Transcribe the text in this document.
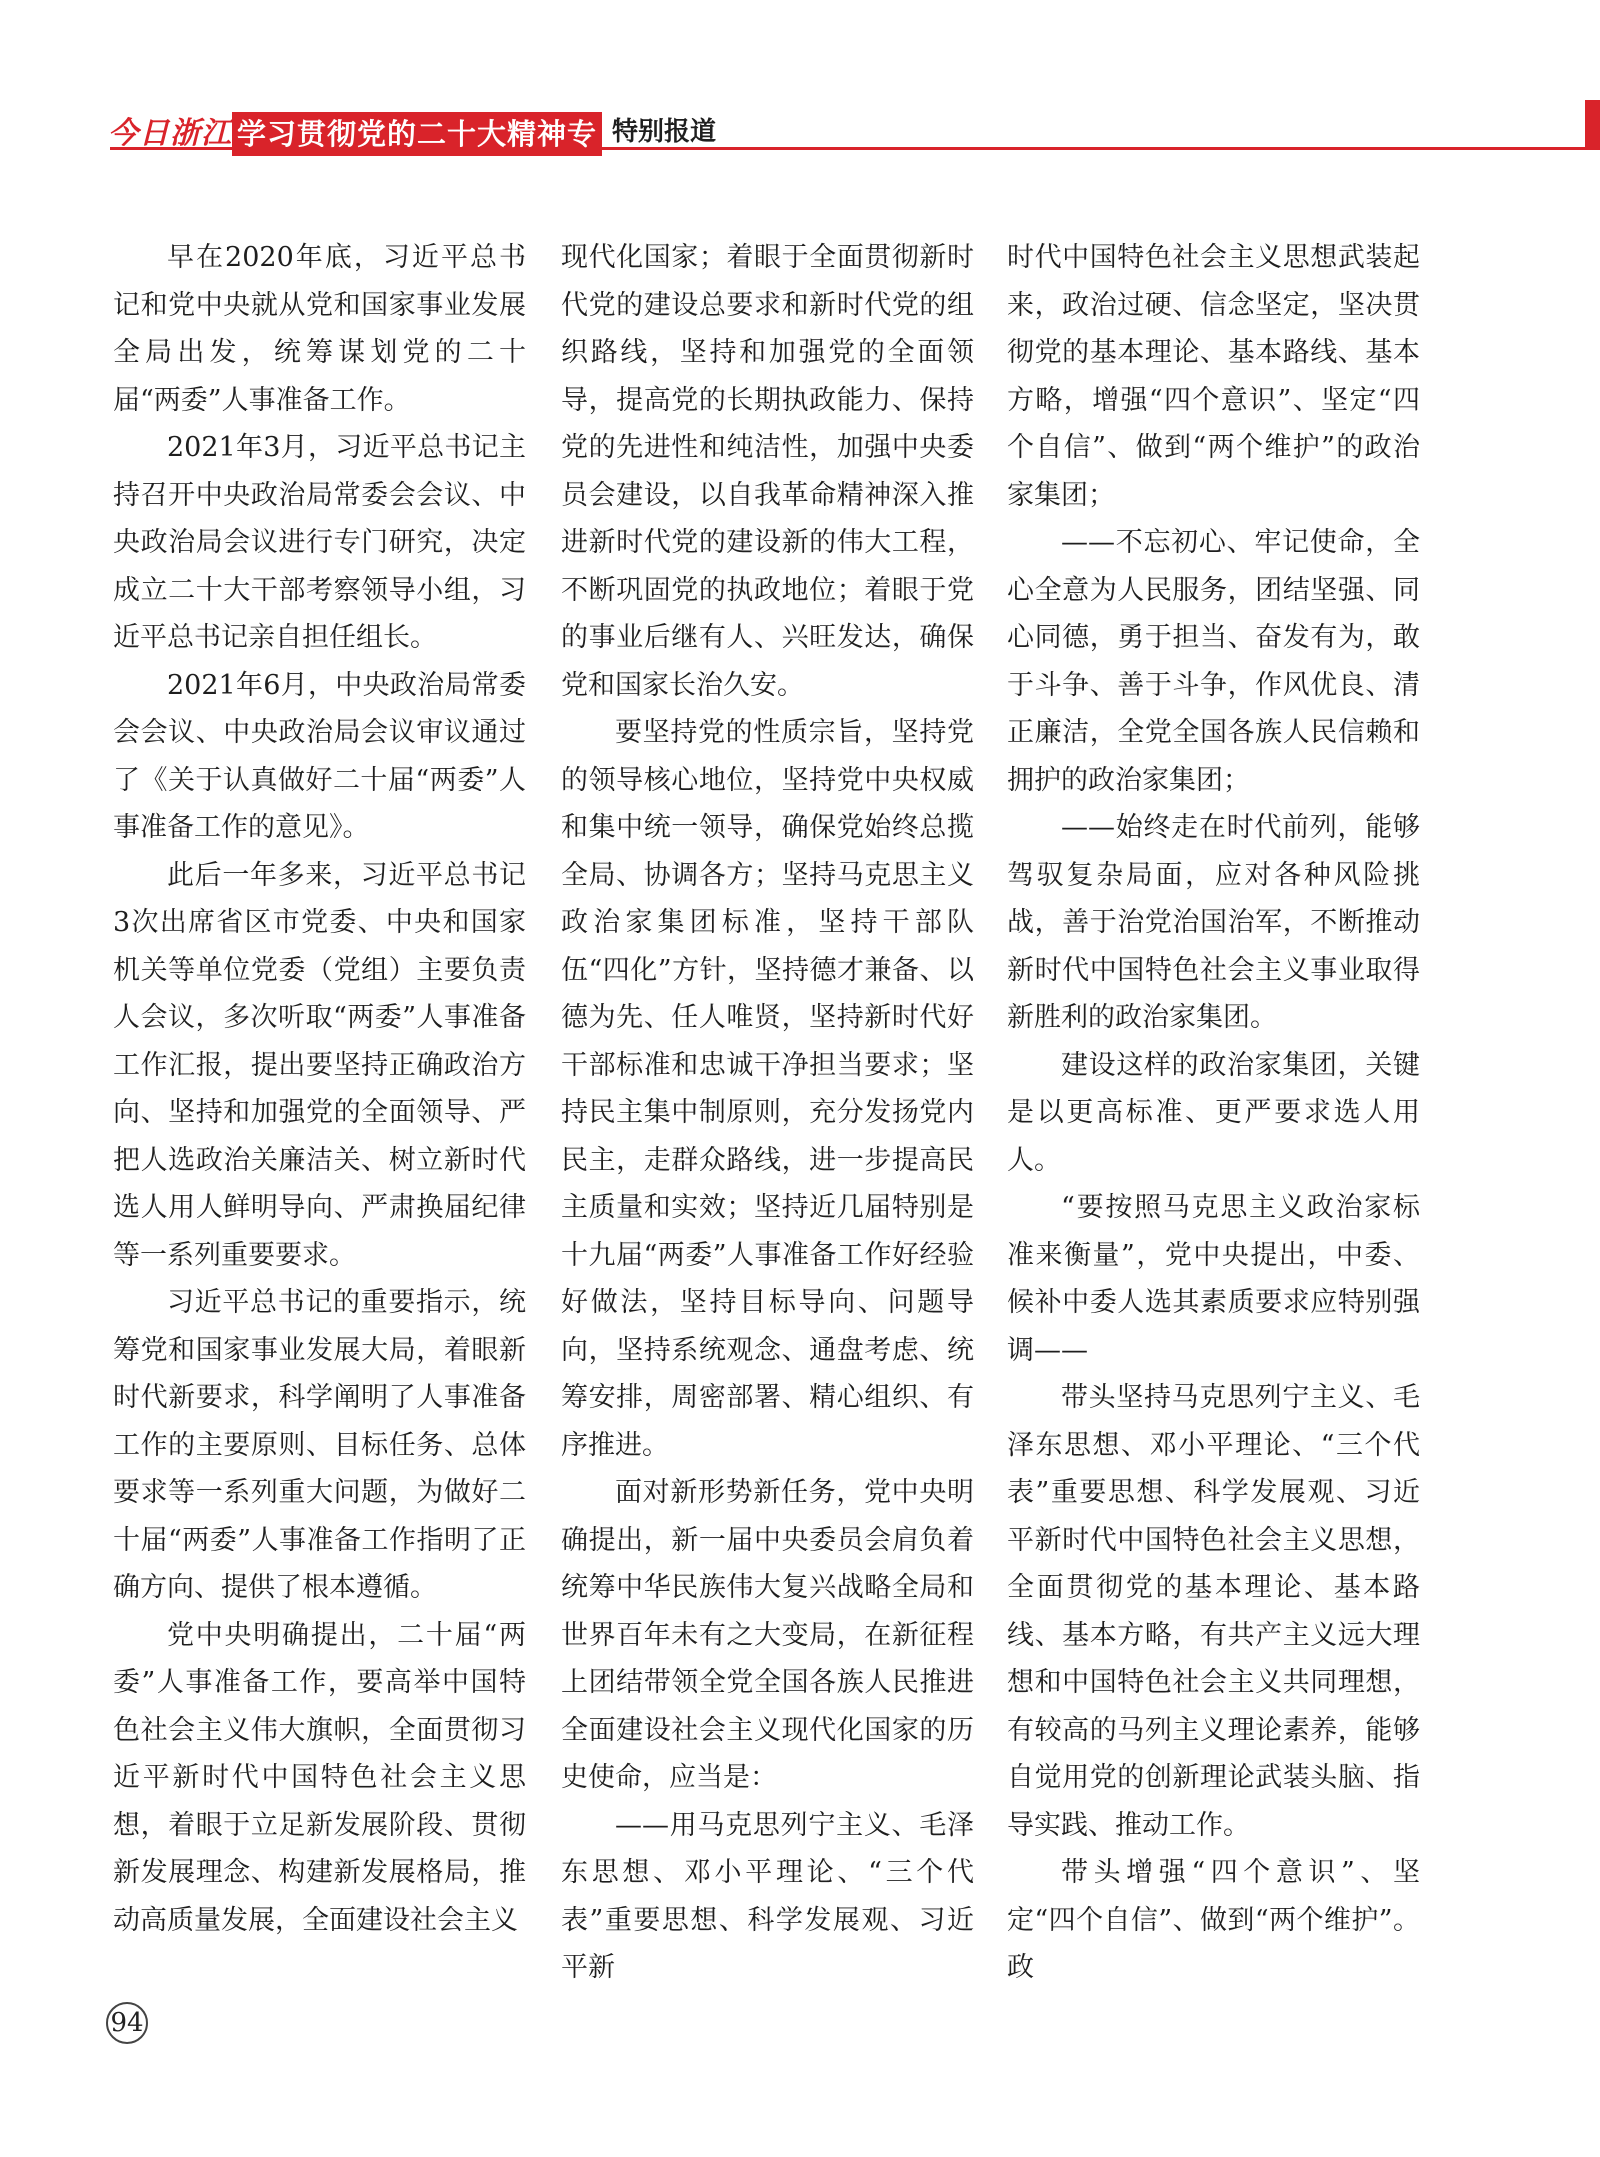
今日浙江 学习贯彻党的二十大精神专辑
特别报道

早在2020年底，习近平总书记和党中央就从党和国家事业发展全局出发，统筹谋划党的二十届“两委”人事准备工作。

2021年3月，习近平总书记主持召开中央政治局常委会会议、中央政治局会议进行专门研究，决定成立二十大干部考察领导小组，习近平总书记亲自担任组长。

2021年6月，中央政治局常委会会议、中央政治局会议审议通过了《关于认真做好二十届“两委”人事准备工作的意见》。

此后一年多来，习近平总书记3次出席省区市党委、中央和国家机关等单位党委（党组）主要负责人会议，多次听取“两委”人事准备工作汇报，提出要坚持正确政治方向、坚持和加强党的全面领导、严把人选政治关廉洁关、树立新时代选人用人鲜明导向、严肃换届纪律等一系列重要要求。

习近平总书记的重要指示，统筹党和国家事业发展大局，着眼新时代新要求，科学阐明了人事准备工作的主要原则、目标任务、总体要求等一系列重大问题，为做好二十届“两委”人事准备工作指明了正确方向、提供了根本遵循。

党中央明确提出，二十届“两委”人事准备工作，要高举中国特色社会主义伟大旗帜，全面贯彻习近平新时代中国特色社会主义思想，着眼于立足新发展阶段、贯彻新发展理念、构建新发展格局，推动高质量发展，全面建设社会主义

现代化国家；着眼于全面贯彻新时代党的建设总要求和新时代党的组织路线，坚持和加强党的全面领导，提高党的长期执政能力、保持党的先进性和纯洁性，加强中央委员会建设，以自我革命精神深入推进新时代党的建设新的伟大工程，不断巩固党的执政地位；着眼于党的事业后继有人、兴旺发达，确保党和国家长治久安。

要坚持党的性质宗旨，坚持党的领导核心地位，坚持党中央权威和集中统一领导，确保党始终总揽全局、协调各方；坚持马克思主义政治家集团标准，坚持干部队伍“四化”方针，坚持德才兼备、以德为先、任人唯贤，坚持新时代好干部标准和忠诚干净担当要求；坚持民主集中制原则，充分发扬党内民主，走群众路线，进一步提高民主质量和实效；坚持近几届特别是十九届“两委”人事准备工作好经验好做法，坚持目标导向、问题导向，坚持系统观念、通盘考虑、统筹安排，周密部署、精心组织、有序推进。

面对新形势新任务，党中央明确提出，新一届中央委员会肩负着统筹中华民族伟大复兴战略全局和世界百年未有之大变局，在新征程上团结带领全党全国各族人民推进全面建设社会主义现代化国家的历史使命，应当是：

——用马克思列宁主义、毛泽东思想、邓小平理论、“三个代表”重要思想、科学发展观、习近平新

时代中国特色社会主义思想武装起来，政治过硬、信念坚定，坚决贯彻党的基本理论、基本路线、基本方略，增强“四个意识”、坚定“四个自信”、做到“两个维护”的政治家集团；

——不忘初心、牢记使命，全心全意为人民服务，团结坚强、同心同德，勇于担当、奋发有为，敢于斗争、善于斗争，作风优良、清正廉洁，全党全国各族人民信赖和拥护的政治家集团；

——始终走在时代前列，能够驾驭复杂局面，应对各种风险挑战，善于治党治国治军，不断推动新时代中国特色社会主义事业取得新胜利的政治家集团。

建设这样的政治家集团，关键是以更高标准、更严要求选人用人。

“要按照马克思主义政治家标准来衡量”，党中央提出，中委、候补中委人选其素质要求应特别强调——

带头坚持马克思列宁主义、毛泽东思想、邓小平理论、“三个代表”重要思想、科学发展观、习近平新时代中国特色社会主义思想，全面贯彻党的基本理论、基本路线、基本方略，有共产主义远大理想和中国特色社会主义共同理想，有较高的马列主义理论素养，能够自觉用党的创新理论武装头脑、指导实践、推动工作。

带头增强“四个意识”、坚定“四个自信”、做到“两个维护”。政

94
